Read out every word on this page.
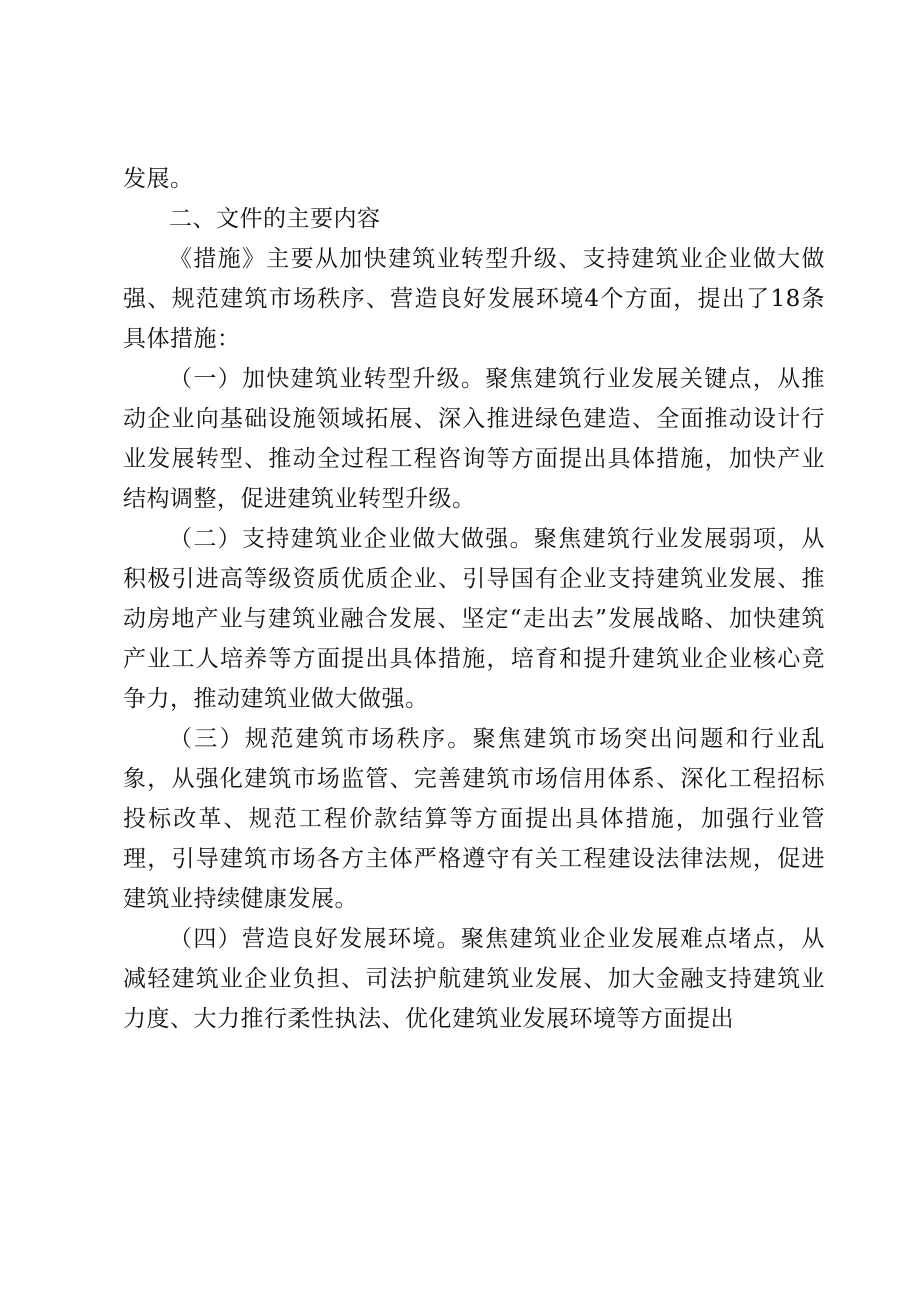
发展。

二、文件的主要内容

《措施》主要从加快建筑业转型升级、支持建筑业企业做大做强、规范建筑市场秩序、营造良好发展环境4个方面，提出了18条具体措施：

（一）加快建筑业转型升级。聚焦建筑行业发展关键点，从推动企业向基础设施领域拓展、深入推进绿色建造、全面推动设计行业发展转型、推动全过程工程咨询等方面提出具体措施，加快产业结构调整，促进建筑业转型升级。

（二）支持建筑业企业做大做强。聚焦建筑行业发展弱项，从积极引进高等级资质优质企业、引导国有企业支持建筑业发展、推动房地产业与建筑业融合发展、坚定“走出去”发展战略、加快建筑产业工人培养等方面提出具体措施，培育和提升建筑业企业核心竞争力，推动建筑业做大做强。

（三）规范建筑市场秩序。聚焦建筑市场突出问题和行业乱象，从强化建筑市场监管、完善建筑市场信用体系、深化工程招标投标改革、规范工程价款结算等方面提出具体措施，加强行业管理，引导建筑市场各方主体严格遵守有关工程建设法律法规，促进建筑业持续健康发展。

（四）营造良好发展环境。聚焦建筑业企业发展难点堵点，从减轻建筑业企业负担、司法护航建筑业发展、加大金融支持建筑业力度、大力推行柔性执法、优化建筑业发展环境等方面提出
